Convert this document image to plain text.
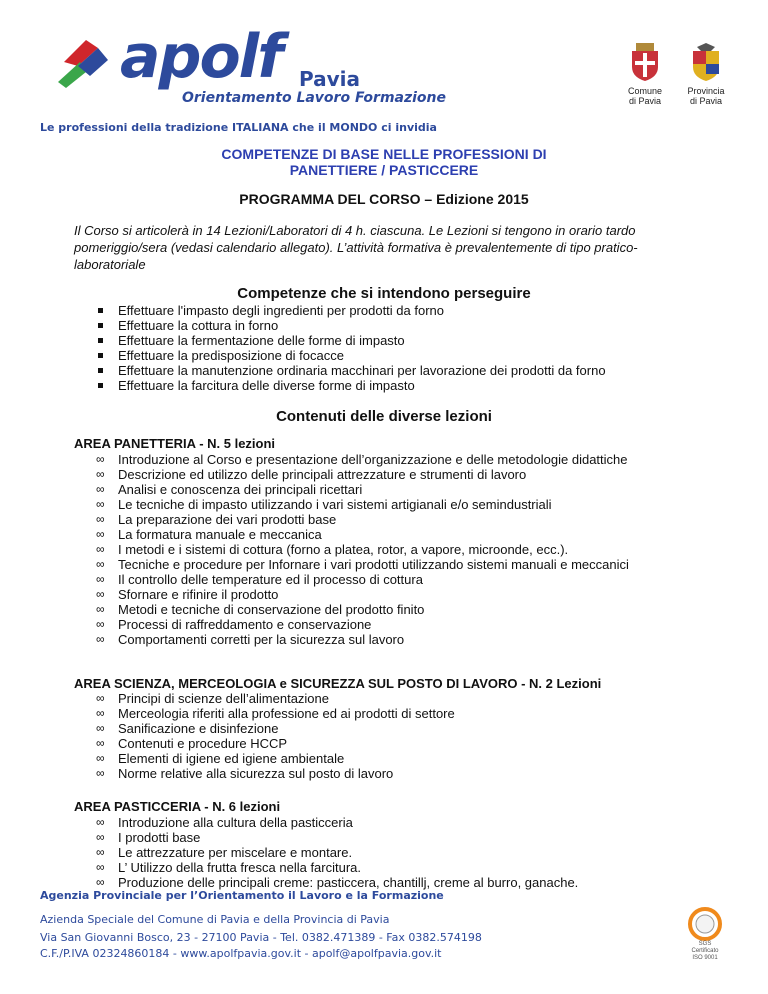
apolf Pavia
Orientamento Lavoro Formazione	Comune
di Pavia
Provincia
di Pavia
Le professioni della tradizione ITALIANA che il MONDO ci invidia
COMPETENZE DI BASE NELLE PROFESSIONI DI
PANETTIERE / PASTICCERE
PROGRAMMA DEL CORSO – Edizione 2015
Il Corso si articolerà in 14 Lezioni/Laboratori di 4 h. ciascuna. Le Lezioni si tengono in orario tardo
pomeriggio/sera (vedasi calendario allegato). L’attività formativa è prevalentemente di tipo pratico-
laboratoriale
Competenze che si intendono perseguire
Effettuare l'impasto degli ingredienti per prodotti da forno
Effettuare la cottura in forno
Effettuare la fermentazione delle forme di impasto
Effettuare la predisposizione di focacce
Effettuare la manutenzione ordinaria macchinari per lavorazione dei prodotti da forno
Effettuare la farcitura delle diverse forme di impasto
Contenuti delle diverse lezioni
AREA PANETTERIA - N. 5 lezioni
∞ Introduzione al Corso e presentazione dell’organizzazione e delle metodologie didattiche
∞ Descrizione ed utilizzo delle principali attrezzature e strumenti di lavoro
∞ Analisi e conoscenza dei principali ricettari
∞ Le tecniche di impasto utilizzando i vari sistemi artigianali e/o semindustriali
∞ La preparazione dei vari prodotti base
∞ La formatura manuale e meccanica
∞ I metodi e i sistemi di cottura (forno a platea, rotor, a vapore, microonde, ecc.).
∞ Tecniche e procedure per Infornare i vari prodotti utilizzando sistemi manuali e meccanici
∞ Il controllo delle temperature ed il processo di cottura
∞ Sfornare e rifinire il prodotto
∞ Metodi e tecniche di conservazione del prodotto finito
∞ Processi di raffreddamento e conservazione
∞ Comportamenti corretti per la sicurezza sul lavoro
AREA SCIENZA, MERCEOLOGIA e SICUREZZA SUL POSTO DI LAVORO - N. 2 Lezioni
∞ Principi di scienze dell’alimentazione
∞ Merceologia riferiti alla professione ed ai prodotti di settore
∞ Sanificazione e disinfezione
∞ Contenuti e procedure HCCP
∞ Elementi di igiene ed igiene ambientale
∞ Norme relative alla sicurezza sul posto di lavoro
AREA PASTICCERIA - N. 6 lezioni
∞ Introduzione alla cultura della pasticceria
∞ I prodotti base
∞ Le attrezzature per miscelare e montare.
∞ L’ Utilizzo della frutta fresca nella farcitura.
∞ Produzione delle principali creme: pasticcera, chantillj, creme al burro, ganache.
Agenzia Provinciale per l’Orientamento il Lavoro e la Formazione
Azienda Speciale del Comune di Pavia e della Provincia di Pavia
Via San Giovanni Bosco, 23 - 27100 Pavia - Tel. 0382.471389 - Fax 0382.574198
C.F./P.IVA 02324860184 - www.apolfpavia.gov.it - apolf@apolfpavia.gov.it
SGS
Certificato
ISO 9001
